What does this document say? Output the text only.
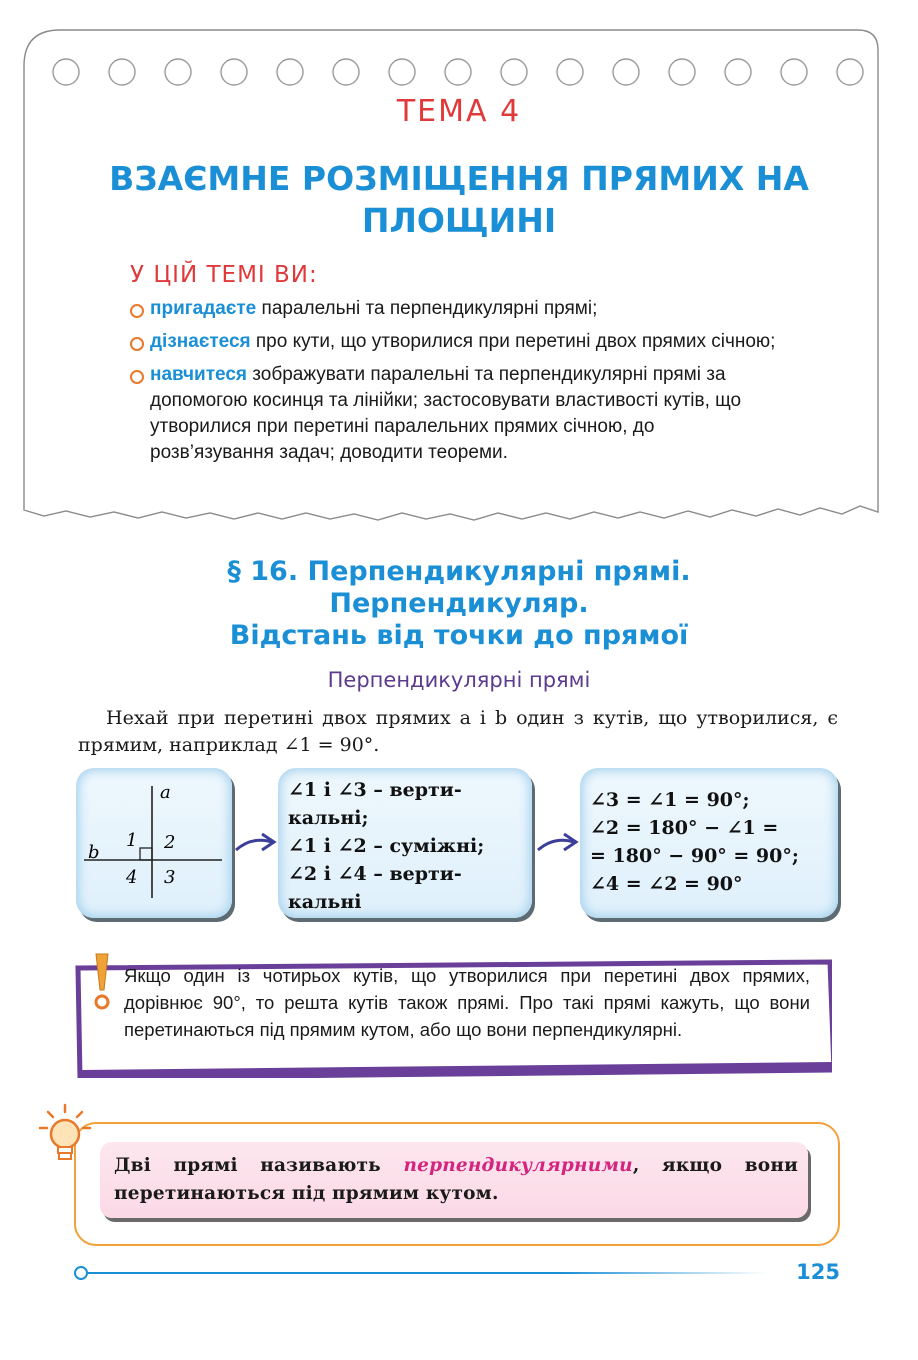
ТЕМА 4
ВЗАЄМНЕ РОЗМІЩЕННЯ ПРЯМИХ НА ПЛОЩИНІ
У ЦІЙ ТЕМІ ВИ:
пригадаєте паралельні та перпендикулярні прямі;
дізнаєтеся про кути, що утворилися при перетині двох прямих січною;
навчитеся зображувати паралельні та перпендикулярні прямі за допомогою косинця та лінійки; застосовувати властивості кутів, що утворилися при перетині паралельних прямих січною, до розв’язування задач; доводити теореми.
§ 16. Перпендикулярні прямі.
Перпендикуляр.
Відстань від точки до прямої
Перпендикулярні прямі
Нехай при перетині двох прямих a і b один з кутів, що утворилися, є прямим, наприклад ∠1 = 90°.
a
b
1 2
3
4
∠1 і ∠3 – верти-
кальні;
∠1 і ∠2 – суміжні;
∠2 і ∠4 – верти-
кальні
∠3 = ∠1 = 90°;
∠2 = 180° − ∠1 =
= 180° − 90° = 90°;
∠4 = ∠2 = 90°
Якщо один із чотирьох кутів, що утворилися при перетині двох прямих, дорівнює 90°, то решта кутів також прямі. Про такі прямі кажуть, що вони перетинаються під прямим кутом, або що вони перпендикулярні.
Дві прямі називають перпендикулярними, якщо вони перетинаються під прямим кутом.
125
